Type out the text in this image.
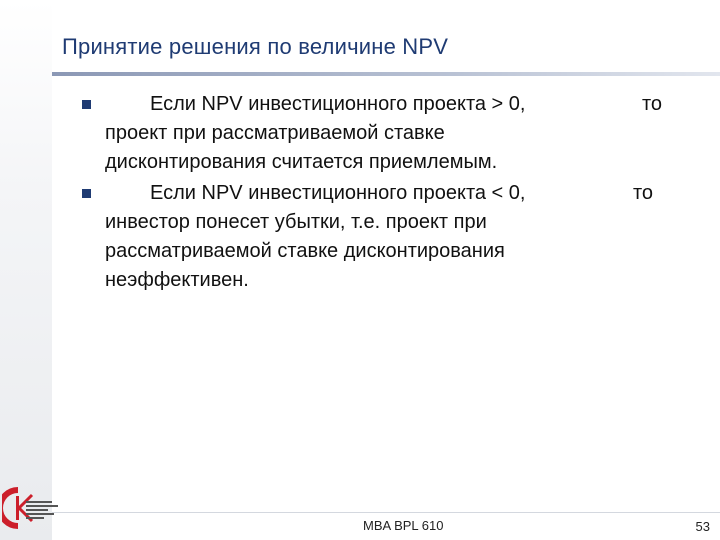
Принятие решения по величине NPV
Если NPV инвестиционного проекта > 0,	то
проект при рассматриваемой ставке
дисконтирования считается приемлемым.
Если NPV инвестиционного проекта < 0,	то
инвестор понесет убытки, т.е. проект при
рассматриваемой ставке дисконтирования
неэффективен.
MBA BPL 610	53
